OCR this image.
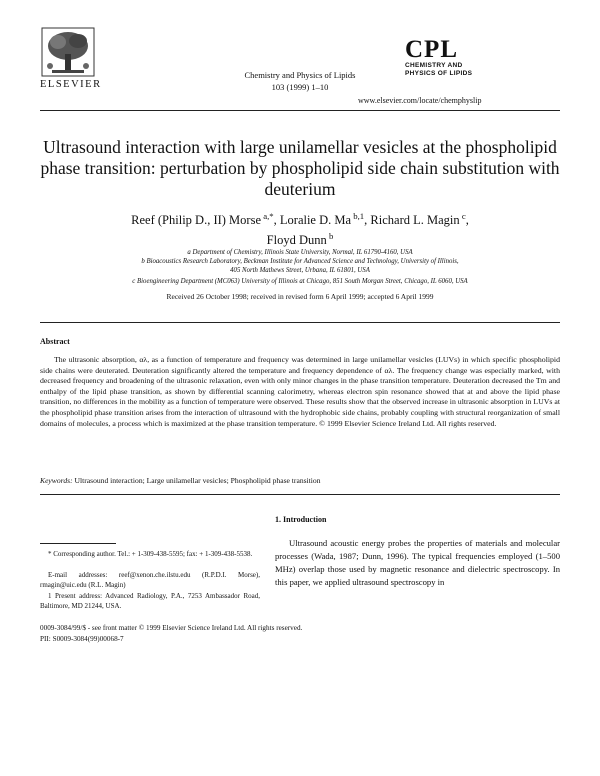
ELSEVIER
Chemistry and Physics of Lipids
103 (1999) 1–10
CPL
CHEMISTRY AND
PHYSICS OF LIPIDS
www.elsevier.com/locate/chemphyslip
Ultrasound interaction with large unilamellar vesicles at the phospholipid phase transition: perturbation by phospholipid side chain substitution with deuterium
Reef (Philip D., II) Morse $^{a,*}$, Loralie D. Ma $^{b,1}$, Richard L. Magin $^c$,
Floyd Dunn $^b$
a Department of Chemistry, Illinois State University, Normal, IL 61790-4160, USA
b Bioacoustics Research Laboratory, Beckman Institute for Advanced Science and Technology, University of Illinois,
405 North Mathews Street, Urbana, IL 61801, USA
c Bioengineering Department (MC063) University of Illinois at Chicago, 851 South Morgan Street, Chicago, IL 6060, USA
Received 26 October 1998; received in revised form 6 April 1999; accepted 6 April 1999
Abstract
The ultrasonic absorption, αλ, as a function of temperature and frequency was determined in large unilamellar vesicles (LUVs) in which specific phospholipid side chains were deuterated. Deuteration significantly altered the temperature and frequency dependence of αλ. The frequency change was especially marked, with decreased frequency and broadening of the ultrasonic relaxation, even with only minor changes in the phase transition temperature. Deuteration decreased the Tm and enthalpy of the lipid phase transition, as shown by differential scanning calorimetry, whereas electron spin resonance showed that at and above the lipid phase transition, no differences in the mobility as a function of temperature were observed. These results show that the observed increase in ultrasonic absorption in LUVs at the phospholipid phase transition arises from the interaction of ultrasound with the hydrophobic side chains, probably coupling with structural reorganization of small domains of molecules, a process which is maximized at the phase transition temperature. © 1999 Elsevier Science Ireland Ltd. All rights reserved.
Keywords: Ultrasound interaction; Large unilamellar vesicles; Phospholipid phase transition
1. Introduction
Ultrasound acoustic energy probes the properties of materials and molecular processes (Wada, 1987; Dunn, 1996). The typical frequencies employed (1–500 MHz) overlap those used by magnetic resonance and dielectric spectroscopy. In this paper, we applied ultrasound spectroscopy in
* Corresponding author. Tel.: + 1-309-438-5595; fax: + 1-309-438-5538.
E-mail addresses: reef@xenon.che.ilstu.edu (R.P.D.I. Morse), rmagin@uic.edu (R.L. Magin)
1 Present address: Advanced Radiology, P.A., 7253 Ambassador Road, Baltimore, MD 21244, USA.
0009-3084/99/$ - see front matter © 1999 Elsevier Science Ireland Ltd. All rights reserved.
PII: S0009-3084(99)00068-7
